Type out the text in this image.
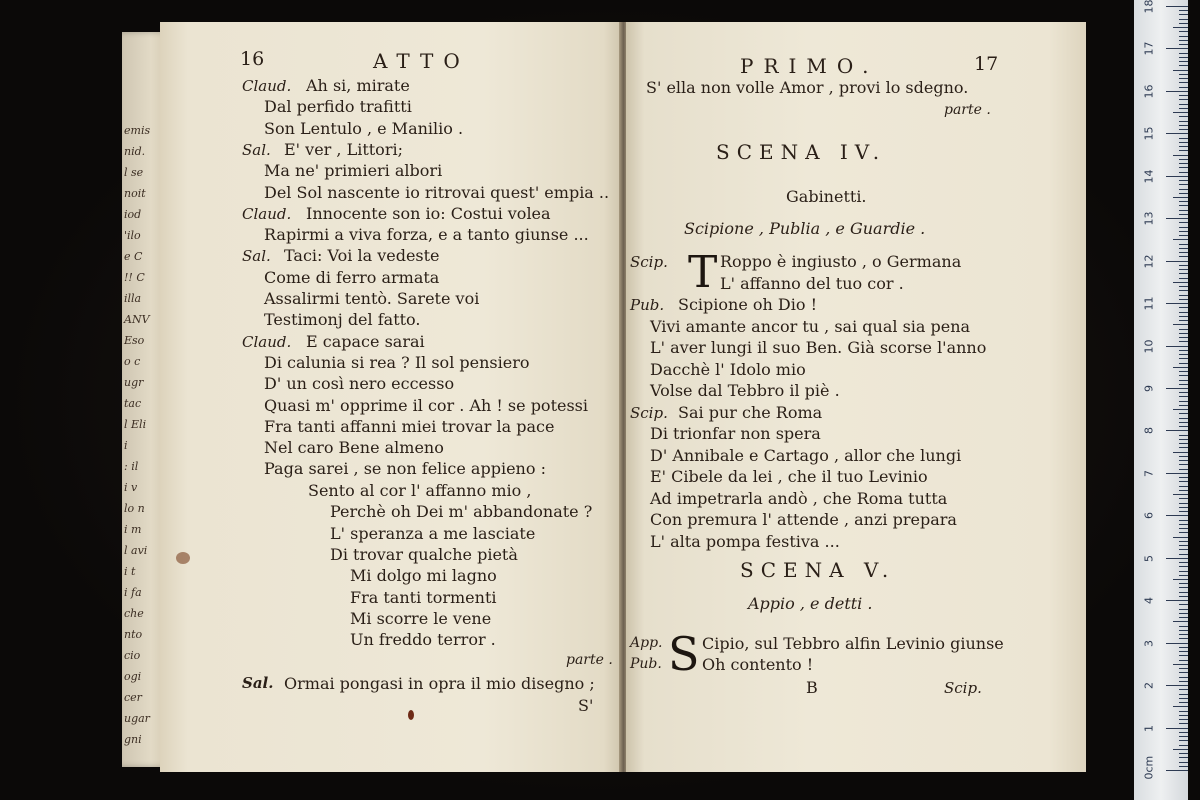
emis
nid.
l se
noit
iod
'ilo
e C
!! C
illa
ANV
Eso
o c
ugr
tac
l Eli
i
: il
i v
lo n
i m
l avi
i t
i fa
che
nto
cio
ogi
cer
ugar
gni
16	ATTO
Claud. Ah si, mirate
Dal perfido trafitti
Son Lentulo , e Manilio .
Sal. E' ver , Littori;
Ma ne' primieri albori
Del Sol nascente io ritrovai quest' empia ..
Claud. Innocente son io: Costui volea
Rapirmi a viva forza, e a tanto giunse ...
Sal. Taci: Voi la vedeste
Come di ferro armata
Assalirmi tentò. Sarete voi
Testimonj del fatto.
Claud. E capace sarai
Di calunia si rea ? Il sol pensiero
D' un così nero eccesso
Quasi m' opprime il cor . Ah ! se potessi
Fra tanti affanni miei trovar la pace
Nel caro Bene almeno
Paga sarei , se non felice appieno :
Sento al cor l' affanno mio ,
Perchè oh Dei m' abbandonate ?
L' speranza a me lasciate
Di trovar qualche pietà
Mi dolgo mi lagno
Fra tanti tormenti
Mi scorre le vene
Un freddo terror .
parte .
Sal. Ormai pongasi in opra il mio disegno ;
S'
PRIMO.	17
S' ella non volle Amor , provi lo sdegno.
parte .
SCENA IV.
Gabinetti.
Scipione , Publia , e Guardie .
T
Scip.	Roppo è ingiusto , o Germana
L' affanno del tuo cor .
Pub. Scipione oh Dio !
Vivi amante ancor tu , sai qual sia pena
L' aver lungi il suo Ben. Già scorse l'anno
Dacchè l' Idolo mio
Volse dal Tebbro il piè .
Scip. Sai pur che Roma
Di trionfar non spera
D' Annibale e Cartago , allor che lungi
E' Cibele da lei , che il tuo Levinio
Ad impetrarla andò , che Roma tutta
Con premura l' attende , anzi prepara
L' alta pompa festiva ...
SCENA V.
Appio , e detti .
S
App. Cipio, sul Tebbro alfin Levinio giunse
Pub.	Oh contento !
B	Scip.
18
17
16
15
14
13
12
11
10
9
8
7
6
5
4
3
2
1
0cm
